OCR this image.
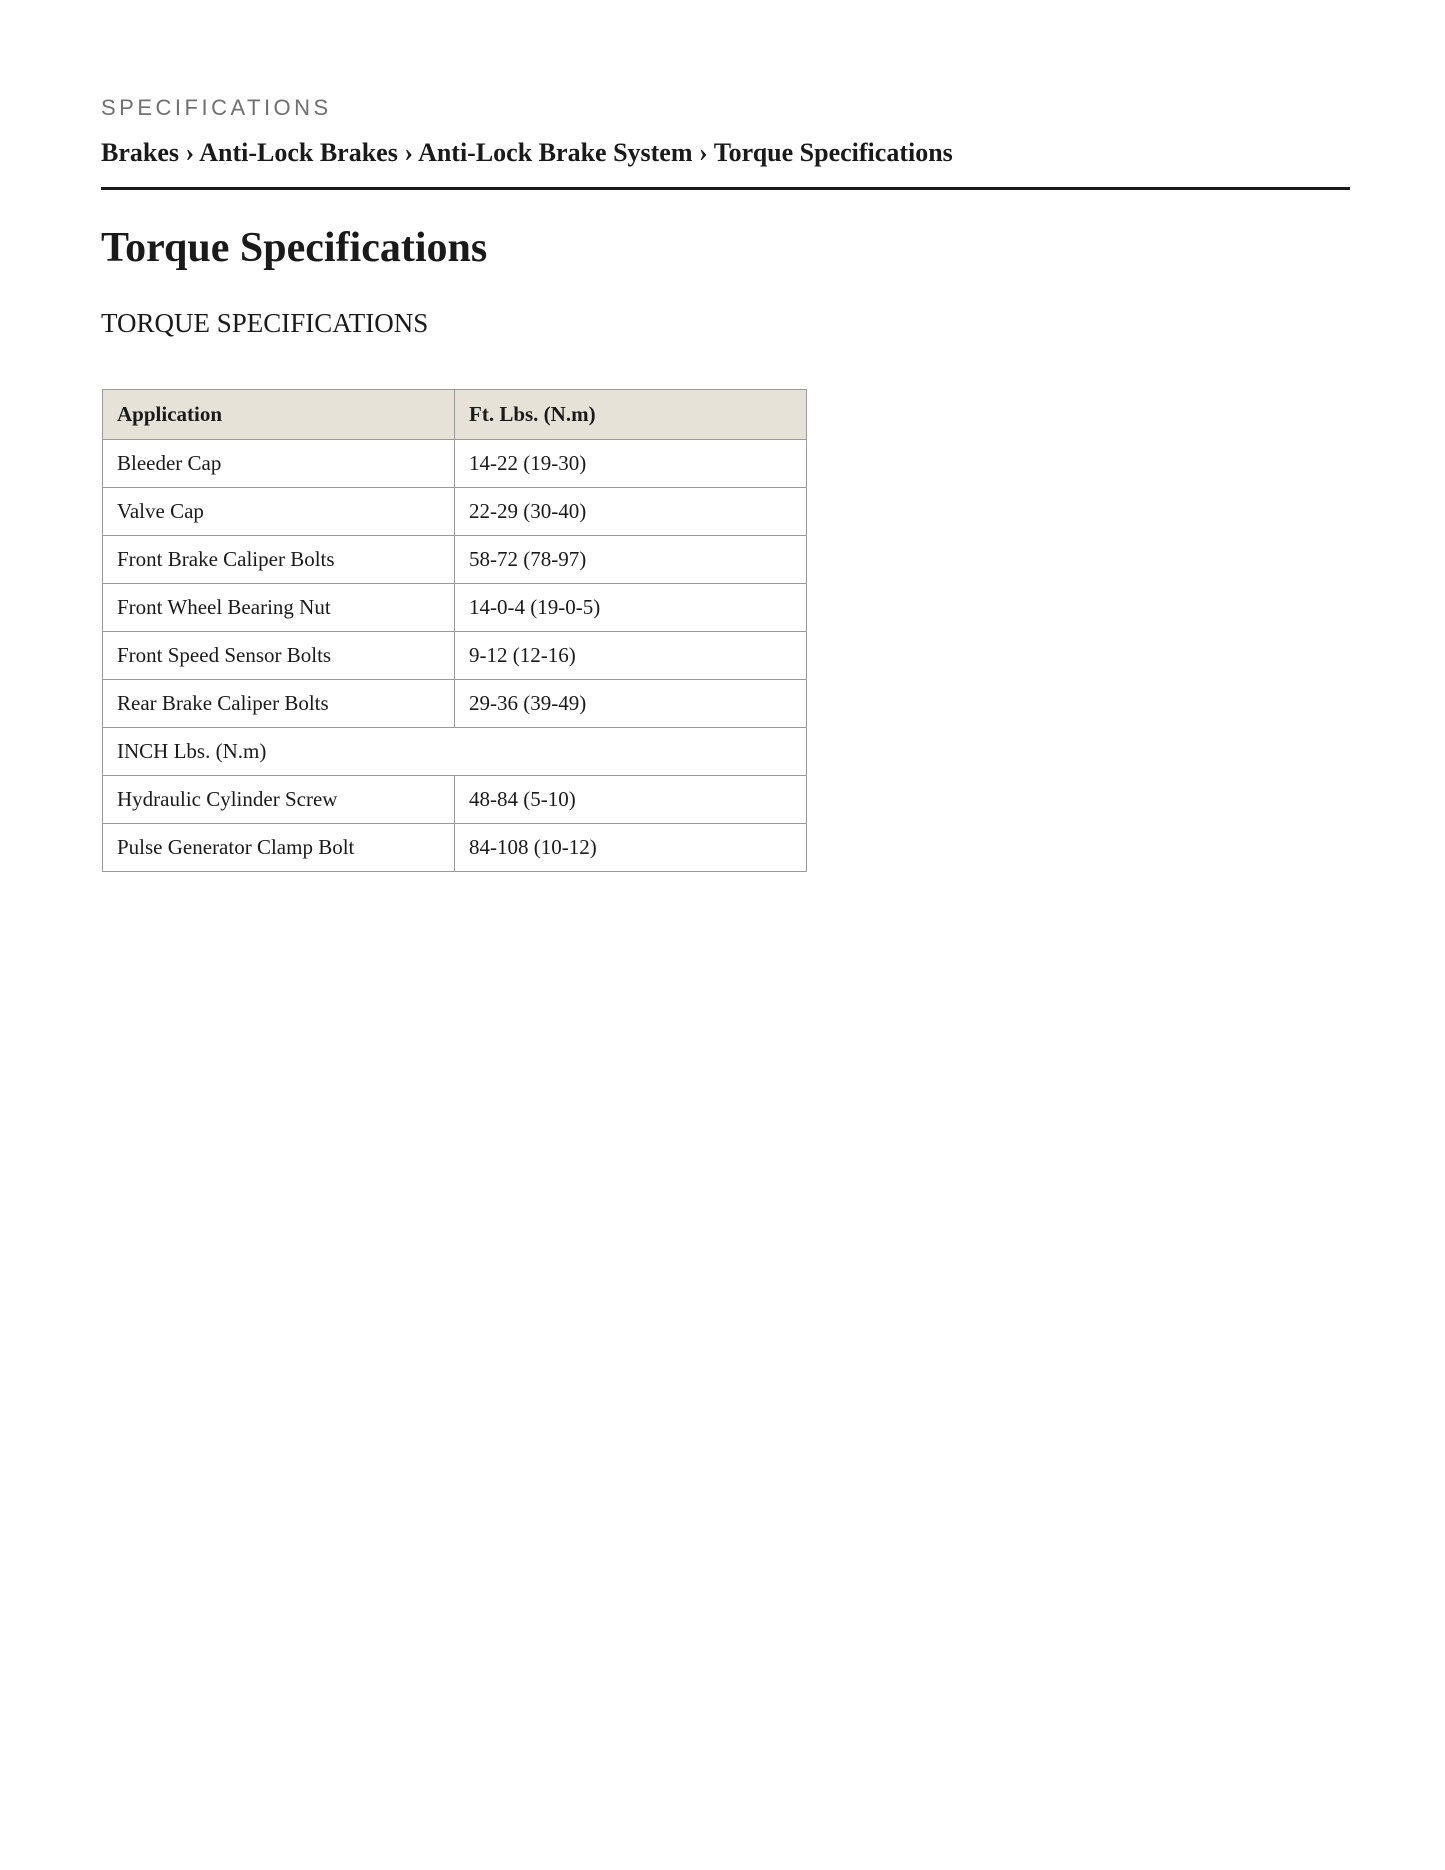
SPECIFICATIONS
Brakes › Anti-Lock Brakes › Anti-Lock Brake System › Torque Specifications
Torque Specifications
TORQUE SPECIFICATIONS
Application	Ft. Lbs. (N.m)
Bleeder Cap	14-22 (19-30)
Valve Cap	22-29 (30-40)
Front Brake Caliper Bolts	58-72 (78-97)
Front Wheel Bearing Nut	14-0-4 (19-0-5)
Front Speed Sensor Bolts	9-12 (12-16)
Rear Brake Caliper Bolts	29-36 (39-49)
INCH Lbs. (N.m)	
Hydraulic Cylinder Screw	48-84 (5-10)
Pulse Generator Clamp Bolt	84-108 (10-12)
